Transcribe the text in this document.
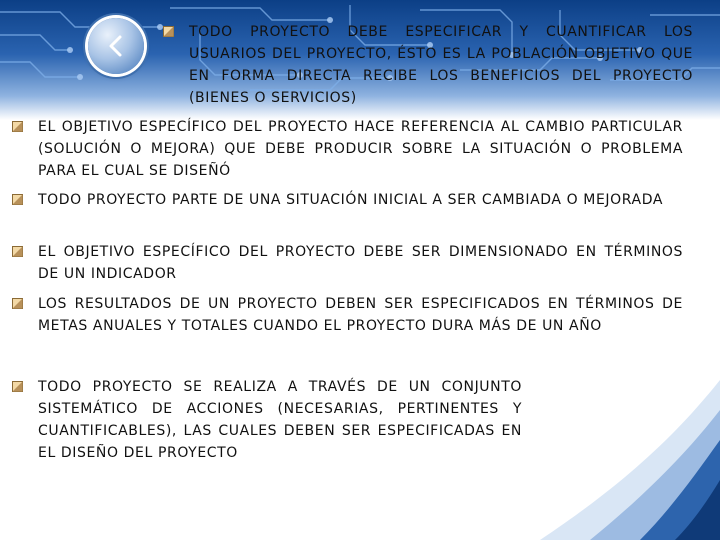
TODO PROYECTO DEBE ESPECIFICAR Y CUANTIFICAR LOS USUARIOS DEL PROYECTO, ÉSTO ES LA POBLACIÓN OBJETIVO QUE EN FORMA DIRECTA RECIBE LOS BENEFICIOS DEL PROYECTO (BIENES O SERVICIOS)
EL OBJETIVO ESPECÍFICO DEL PROYECTO HACE REFERENCIA AL CAMBIO PARTICULAR (SOLUCIÓN O MEJORA) QUE DEBE PRODUCIR SOBRE LA SITUACIÓN O PROBLEMA PARA EL CUAL SE DISEÑÓ
TODO PROYECTO PARTE DE UNA SITUACIÓN INICIAL A SER CAMBIADA O MEJORADA
EL OBJETIVO ESPECÍFICO DEL PROYECTO DEBE SER DIMENSIONADO EN TÉRMINOS DE UN INDICADOR
LOS RESULTADOS DE UN PROYECTO DEBEN SER ESPECIFICADOS EN TÉRMINOS DE METAS ANUALES Y TOTALES CUANDO EL PROYECTO DURA MÁS DE UN AÑO
TODO PROYECTO SE REALIZA A TRAVÉS DE UN CONJUNTO SISTEMÁTICO DE ACCIONES (NECESARIAS, PERTINENTES Y CUANTIFICABLES), LAS CUALES DEBEN SER ESPECIFICADAS EN EL DISEÑO DEL PROYECTO
